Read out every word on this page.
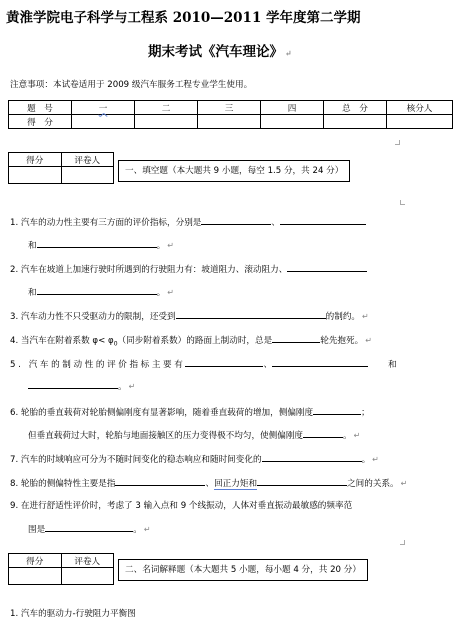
黄淮学院电子科学与工程系 2010—2011 学年度第二学期
期末考试《汽车理论》 ↵
注意事项：本试卷适用于 2009 级汽车服务工程专业学生使用。
题　号	一	二	三	四	总　分	核分人
得　分						
得分	评卷人

一、填空题（本大题共 9 小题，每空 1.5 分，共 24 分）
1. 汽车的动力性主要有三方面的评价指标，分别是	、
和	。 ↵
2. 汽车在坡道上加速行驶时所遇到的行驶阻力有：坡道阻力、滚动阻力、
和	。 ↵
3. 汽车动力性不只受驱动力的限制，还受到	的制约。 ↵
4. 当汽车在附着系数 $\varphi< \varphi_0$（同步附着系数）的路面上制动时，总是	轮先抱死。 ↵
5. 汽车的制动性的评价指标主要有	、	和
。 ↵
6. 轮胎的垂直载荷对轮胎侧偏刚度有显著影响，随着垂直载荷的增加，侧偏刚度	；
但垂直载荷过大时，轮胎与地面接触区的压力变得极不均匀，使侧偏刚度	。 ↵
7. 汽车的时域响应可分为不随时间变化的稳态响应和随时间变化的	。 ↵
8. 轮胎的侧偏特性主要是指	、回正力矩和	之间的关系。 ↵
9. 在进行舒适性评价时，考虑了 3 输入点和 9 个线振动，人体对垂直振动最敏感的频率范
围是	。 ↵
得分	评卷人

二、名词解释题（本大题共 5 小题，每小题 4 分，共 20 分）
1. 汽车的驱动力-行驶阻力平衡图
